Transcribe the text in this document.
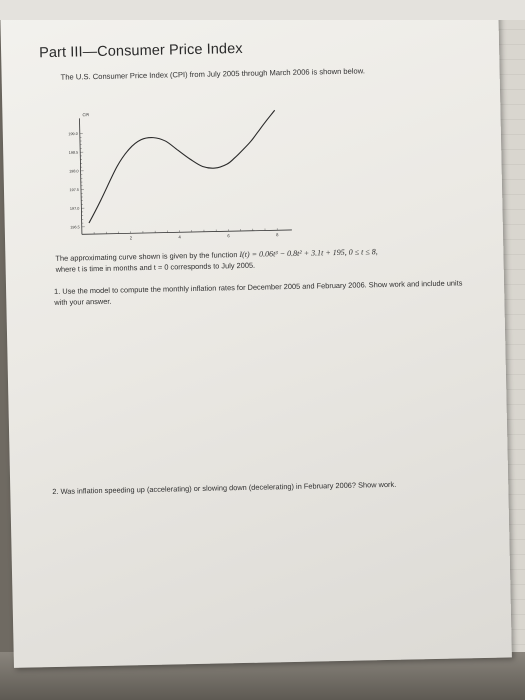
Part III—Consumer Price Index
The U.S. Consumer Price Index (CPI) from July 2005 through March 2006 is shown below.
CPI
196.5
197.0
197.5
198.0
198.5
199.0
2	4	6	8
The approximating curve shown is given by the function I(t) = 0.06t³ − 0.8t² + 3.1t + 195, 0 ≤ t ≤ 8,
where t is time in months and t = 0 corresponds to July 2005.
1. Use the model to compute the monthly inflation rates for December 2005 and February 2006. Show work and include units with your answer.
2. Was inflation speeding up (accelerating) or slowing down (decelerating) in February 2006? Show work.
